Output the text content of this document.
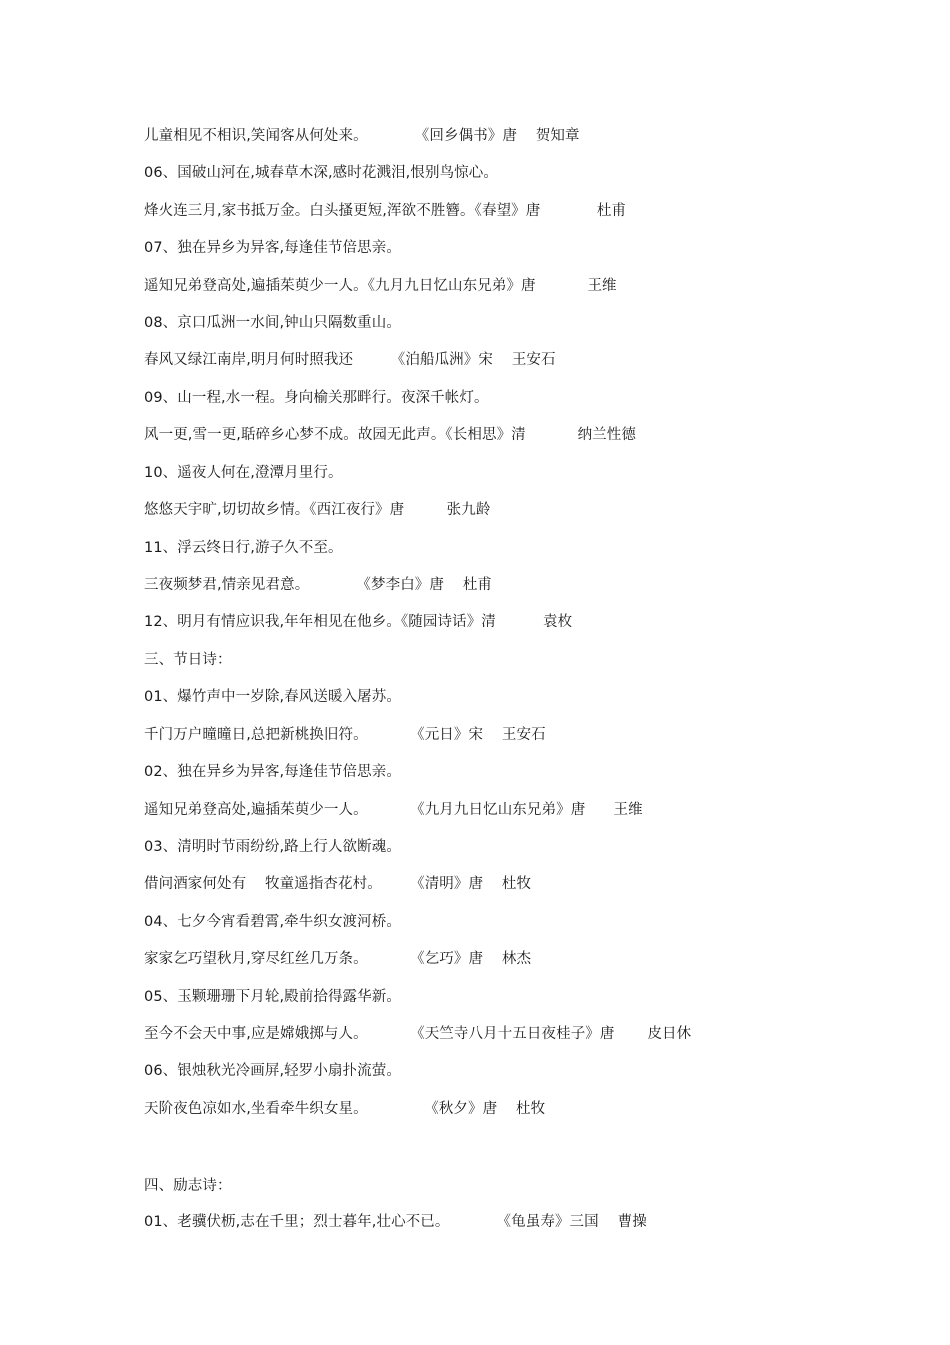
儿童相见不相识,笑闻客从何处来。          《回乡偶书》唐    贺知章
06、国破山河在,城春草木深,感时花溅泪,恨别鸟惊心。
烽火连三月,家书抵万金。白头搔更短,浑欲不胜簪。《春望》唐            杜甫
07、独在异乡为异客,每逢佳节倍思亲。
遥知兄弟登高处,遍插茱萸少一人。《九月九日忆山东兄弟》唐           王维
08、京口瓜洲一水间,钟山只隔数重山。
春风又绿江南岸,明月何时照我还        《泊船瓜洲》宋    王安石
09、山一程,水一程。身向榆关那畔行。夜深千帐灯。
风一更,雪一更,聒碎乡心梦不成。故园无此声。《长相思》清           纳兰性德
10、遥夜人何在,澄潭月里行。
悠悠天宇旷,切切故乡情。《西江夜行》唐         张九龄
11、浮云终日行,游子久不至。
三夜频梦君,情亲见君意。          《梦李白》唐    杜甫
12、明月有情应识我,年年相见在他乡。《随园诗话》清          袁枚
三、节日诗：
01、爆竹声中一岁除,春风送暖入屠苏。
千门万户曈曈日,总把新桃换旧符。         《元日》宋    王安石
02、独在异乡为异客,每逢佳节倍思亲。
遥知兄弟登高处,遍插茱萸少一人。         《九月九日忆山东兄弟》唐      王维
03、清明时节雨纷纷,路上行人欲断魂。
借问酒家何处有    牧童遥指杏花村。      《清明》唐    杜牧
04、七夕今宵看碧霄,牵牛织女渡河桥。
家家乞巧望秋月,穿尽红丝几万条。         《乞巧》唐    林杰
05、玉颗珊珊下月轮,殿前拾得露华新。
至今不会天中事,应是嫦娥掷与人。         《天竺寺八月十五日夜桂子》唐       皮日休
06、银烛秋光冷画屏,轻罗小扇扑流萤。
天阶夜色凉如水,坐看牵牛织女星。            《秋夕》唐    杜牧
四、励志诗：
01、老骥伏枥,志在千里；烈士暮年,壮心不已。          《龟虽寿》三国    曹操
